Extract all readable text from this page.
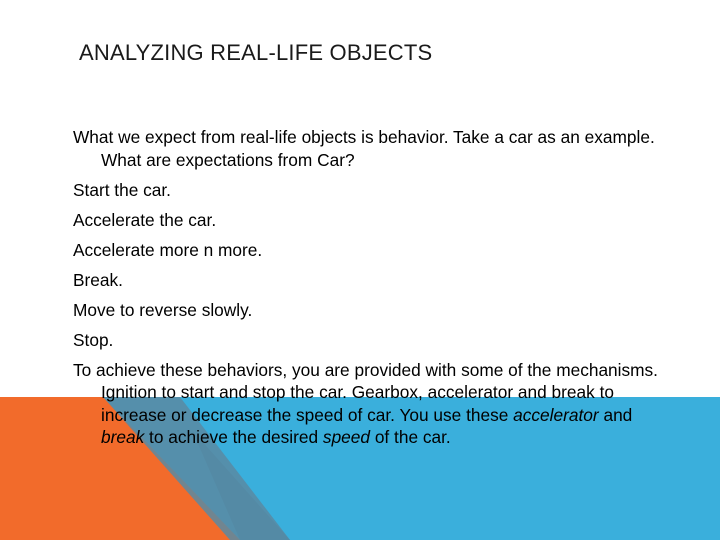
ANALYZING REAL-LIFE OBJECTS
What we expect from real-life objects is behavior. Take a car as an example. What are expectations from Car?
Start the car.
Accelerate the car.
Accelerate more n more.
Break.
Move to reverse slowly.
Stop.
To achieve these behaviors, you are provided with some of the mechanisms. Ignition to start and stop the car. Gearbox, accelerator and break to increase or decrease the speed of car. You use these accelerator and break to achieve the desired speed of the car.
